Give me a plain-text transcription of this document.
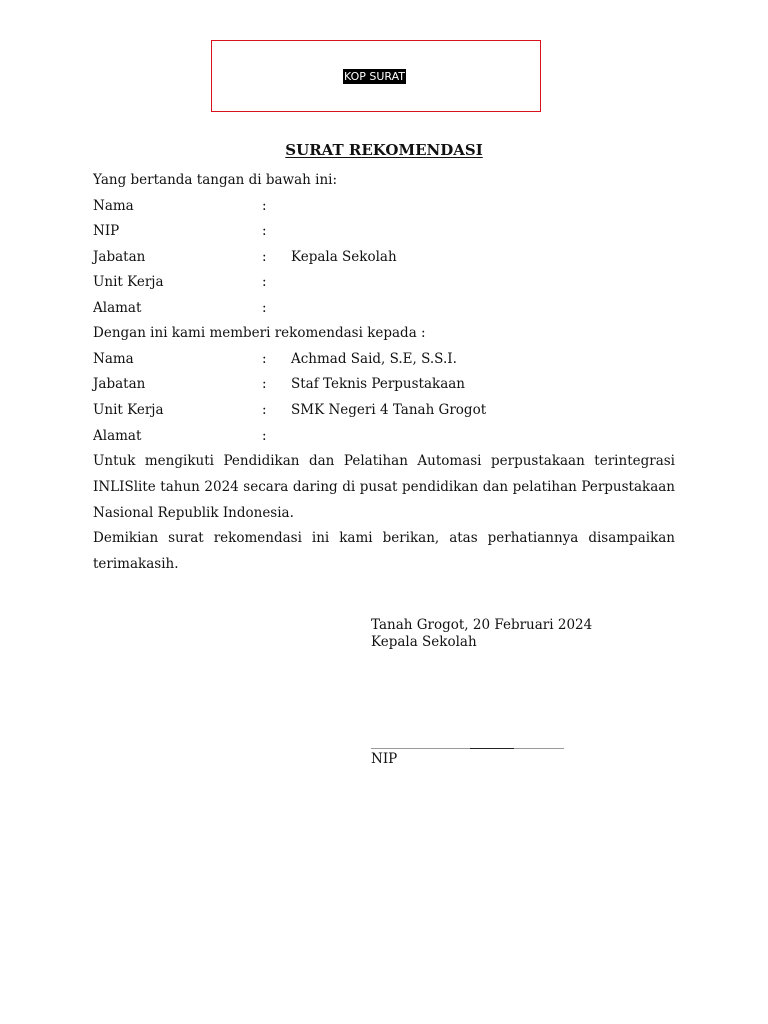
KOP SURAT
SURAT REKOMENDASI
Yang bertanda tangan di bawah ini:
Nama	:
NIP	:
Jabatan	: Kepala Sekolah
Unit Kerja	:
Alamat	:
Dengan ini kami memberi rekomendasi kepada :
Nama	: Achmad Said, S.E, S.S.I.
Jabatan	: Staf Teknis Perpustakaan
Unit Kerja	: SMK Negeri 4 Tanah Grogot
Alamat	:
Untuk mengikuti Pendidikan dan Pelatihan Automasi perpustakaan terintegrasi
INLISlite tahun 2024 secara daring di pusat pendidikan dan pelatihan Perpustakaan
Nasional Republik Indonesia.
Demikian surat rekomendasi ini kami berikan, atas perhatiannya disampaikan
terimakasih.
Tanah Grogot, 20 Februari 2024
Kepala Sekolah
NIP
